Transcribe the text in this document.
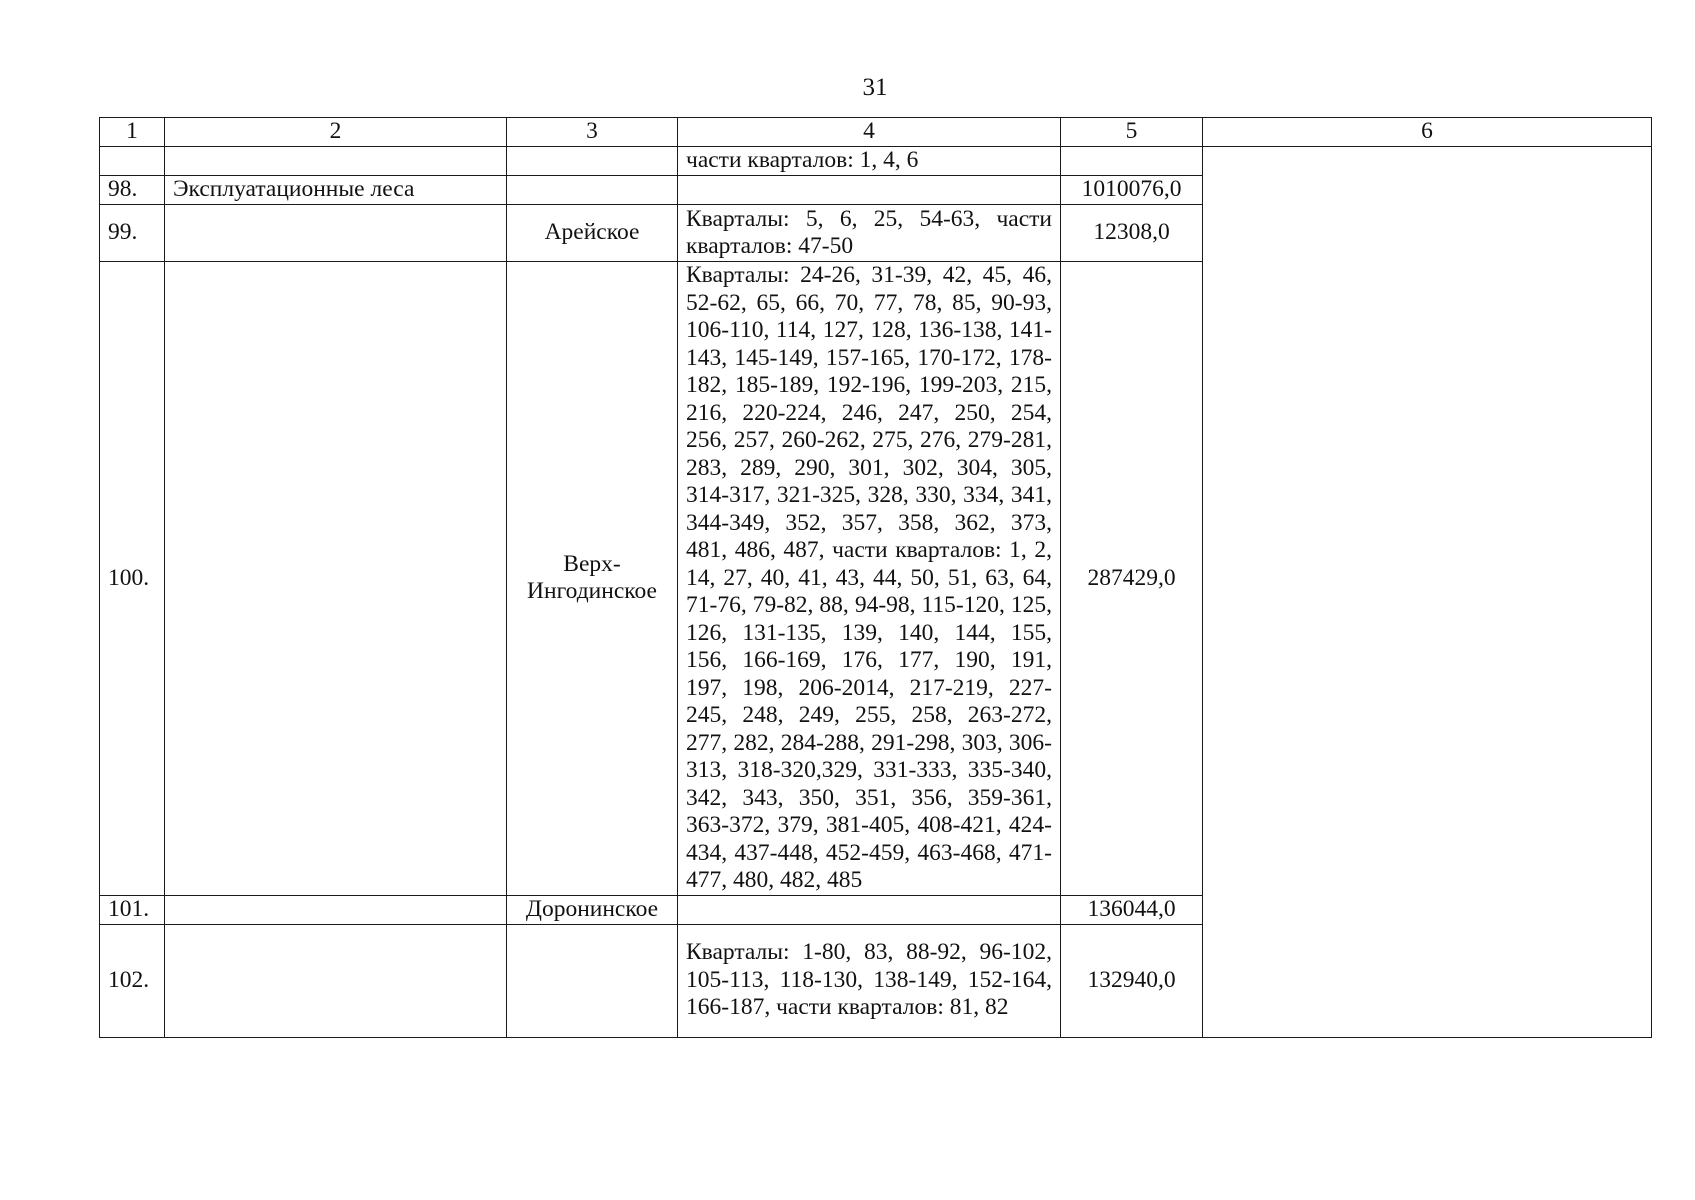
31
1	2	3	4	5	6
			части кварталов: 1, 4, 6		
98.	Эксплуатационные леса			1010076,0	
99.		Арейское	Кварталы: 5, 6, 25, 54-63, части кварталов: 47-50	12308,0	
100.		Верх-Ингодинское	Кварталы: 24-26, 31-39, 42, 45, 46, 52-62, 65, 66, 70, 77, 78, 85, 90-93, 106-110, 114, 127, 128, 136-138, 141-143, 145-149, 157-165, 170-172, 178-182, 185-189, 192-196, 199-203, 215, 216, 220-224, 246, 247, 250, 254, 256, 257, 260-262, 275, 276, 279-281, 283, 289, 290, 301, 302, 304, 305, 314-317, 321-325, 328, 330, 334, 341, 344-349, 352, 357, 358, 362, 373, 481, 486, 487, части кварталов: 1, 2, 14, 27, 40, 41, 43, 44, 50, 51, 63, 64, 71-76, 79-82, 88, 94-98, 115-120, 125, 126, 131-135, 139, 140, 144, 155, 156, 166-169, 176, 177, 190, 191, 197, 198, 206-2014, 217-219, 227-245, 248, 249, 255, 258, 263-272, 277, 282, 284-288, 291-298, 303, 306-313, 318-320,329, 331-333, 335-340, 342, 343, 350, 351, 356, 359-361, 363-372, 379, 381-405, 408-421, 424-434, 437-448, 452-459, 463-468, 471-477, 480, 482, 485	287429,0	
101.		Доронинское		136044,0	
102.			Кварталы: 1-80, 83, 88-92, 96-102, 105-113, 118-130, 138-149, 152-164, 166-187, части кварталов: 81, 82	132940,0	
